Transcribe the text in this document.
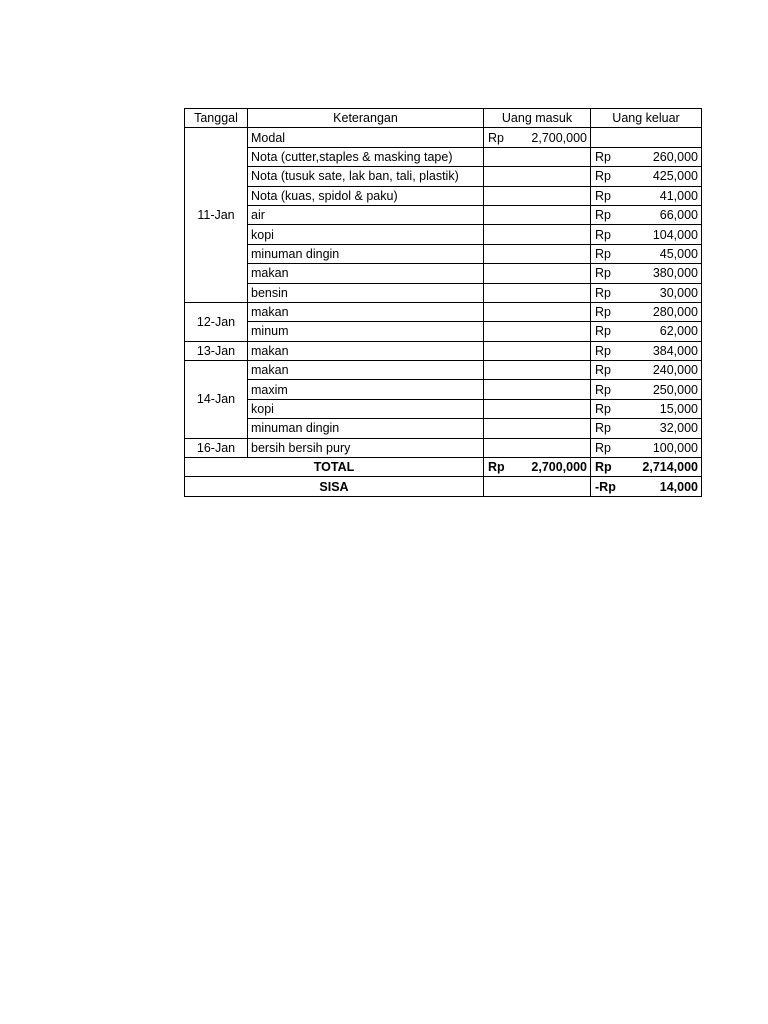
Tanggal	Keterangan	Uang masuk	Uang keluar
11-Jan	Modal	Rp 2,700,000	

	Nota (cutter,staples & masking tape)		Rp 260,000

	Nota (tusuk sate, lak ban, tali, plastik)		Rp 425,000

	Nota (kuas, spidol & paku)		Rp 41,000

	air		Rp 66,000

	kopi		Rp 104,000

	minuman dingin		Rp 45,000

	makan		Rp 380,000

	bensin		Rp 30,000

12-Jan	makan		Rp 280,000

	minum		Rp 62,000

13-Jan	makan		Rp 384,000

14-Jan	makan		Rp 240,000

	maxim		Rp 250,000

	kopi		Rp 15,000

	minuman dingin		Rp 32,000

16-Jan	bersih bersih pury		Rp 100,000

TOTAL		Rp 2,700,000	Rp 2,714,000

SISA			-Rp 14,000
